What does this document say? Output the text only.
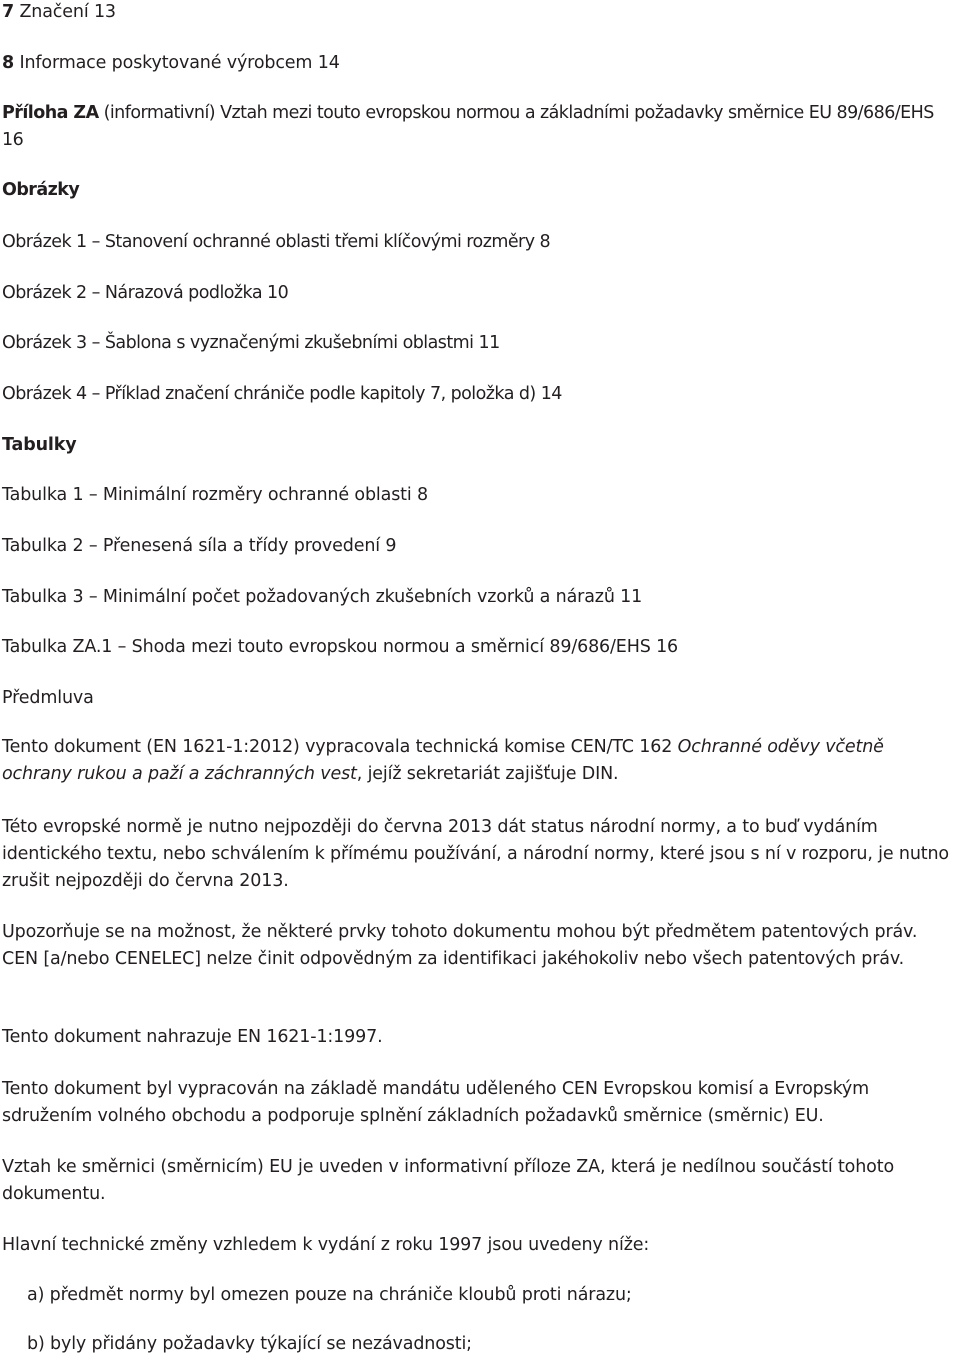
7 Značení 13
8 Informace poskytované výrobcem 14
Příloha ZA (informativní) Vztah mezi touto evropskou normou a základními požadavky směrnice EU 89/686/EHS 16
Obrázky
Obrázek 1 – Stanovení ochranné oblasti třemi klíčovými rozměry 8
Obrázek 2 – Nárazová podložka 10
Obrázek 3 – Šablona s vyznačenými zkušebními oblastmi 11
Obrázek 4 – Příklad značení chrániče podle kapitoly 7, položka d) 14
Tabulky
Tabulka 1 – Minimální rozměry ochranné oblasti 8
Tabulka 2 – Přenesená síla a třídy provedení 9
Tabulka 3 – Minimální počet požadovaných zkušebních vzorků a nárazů 11
Tabulka ZA.1 – Shoda mezi touto evropskou normou a směrnicí 89/686/EHS 16
Předmluva
Tento dokument (EN 1621-1:2012) vypracovala technická komise CEN/TC 162 Ochranné oděvy včetně ochrany rukou a paží a záchranných vest, jejíž sekretariát zajišťuje DIN.
Této evropské normě je nutno nejpozději do června 2013 dát status národní normy, a to buď vydáním identického textu, nebo schválením k přímému používání, a národní normy, které jsou s ní v rozporu, je nutno zrušit nejpozději do června 2013.
Upozorňuje se na možnost, že některé prvky tohoto dokumentu mohou být předmětem patentových práv. CEN [a/nebo CENELEC] nelze činit odpovědným za identifikaci jakéhokoliv nebo všech patentových práv.
Tento dokument nahrazuje EN 1621-1:1997.
Tento dokument byl vypracován na základě mandátu uděleného CEN Evropskou komisí a Evropským sdružením volného obchodu a podporuje splnění základních požadavků směrnice (směrnic) EU.
Vztah ke směrnici (směrnicím) EU je uveden v informativní příloze ZA, která je nedílnou součástí tohoto dokumentu.
Hlavní technické změny vzhledem k vydání z roku 1997 jsou uvedeny níže:
a) předmět normy byl omezen pouze na chrániče kloubů proti nárazu;
b) byly přidány požadavky týkající se nezávadnosti;
